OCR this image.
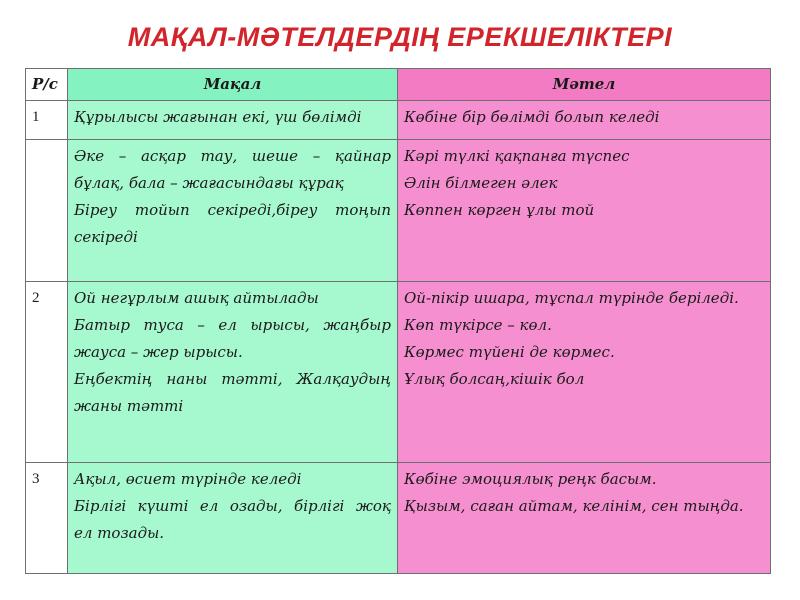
МАҚАЛ-МӘТЕЛДЕРДІҢ ЕРЕКШЕЛІКТЕРІ
Р/с	Мақал	Мәтел
1	Құрылысы жағынан екі, үш бөлімді	Көбіне бір бөлімді болып келеді

	Әке – асқар тау, шеше – қайнар
бұлақ, бала – жағасындағы құрақ
Біреу тойып секіреді,біреу тоңып
секіреді	Кәрі түлкі қақпанға түспес
Әлін білмеген әлек
Көппен көрген ұлы той

2	Ой негұрлым ашық айтылады
Батыр туса – ел ырысы, жаңбыр
жауса – жер ырысы.
Еңбектің наны тәтті, Жалқаудың
жаны тәтті	Ой-пікір ишара, тұспал түрінде беріледі.
Көп түкірсе – көл.
Көрмес түйені де көрмес.
Ұлық болсаң,кішік бол

3	Ақыл, өсиет түрінде келеді
Бірлігі күшті ел озады, бірлігі жоқ
ел тозады.	Көбіне эмоциялық реңк басым.
Қызым, саған айтам, келінім, сен тыңда.
